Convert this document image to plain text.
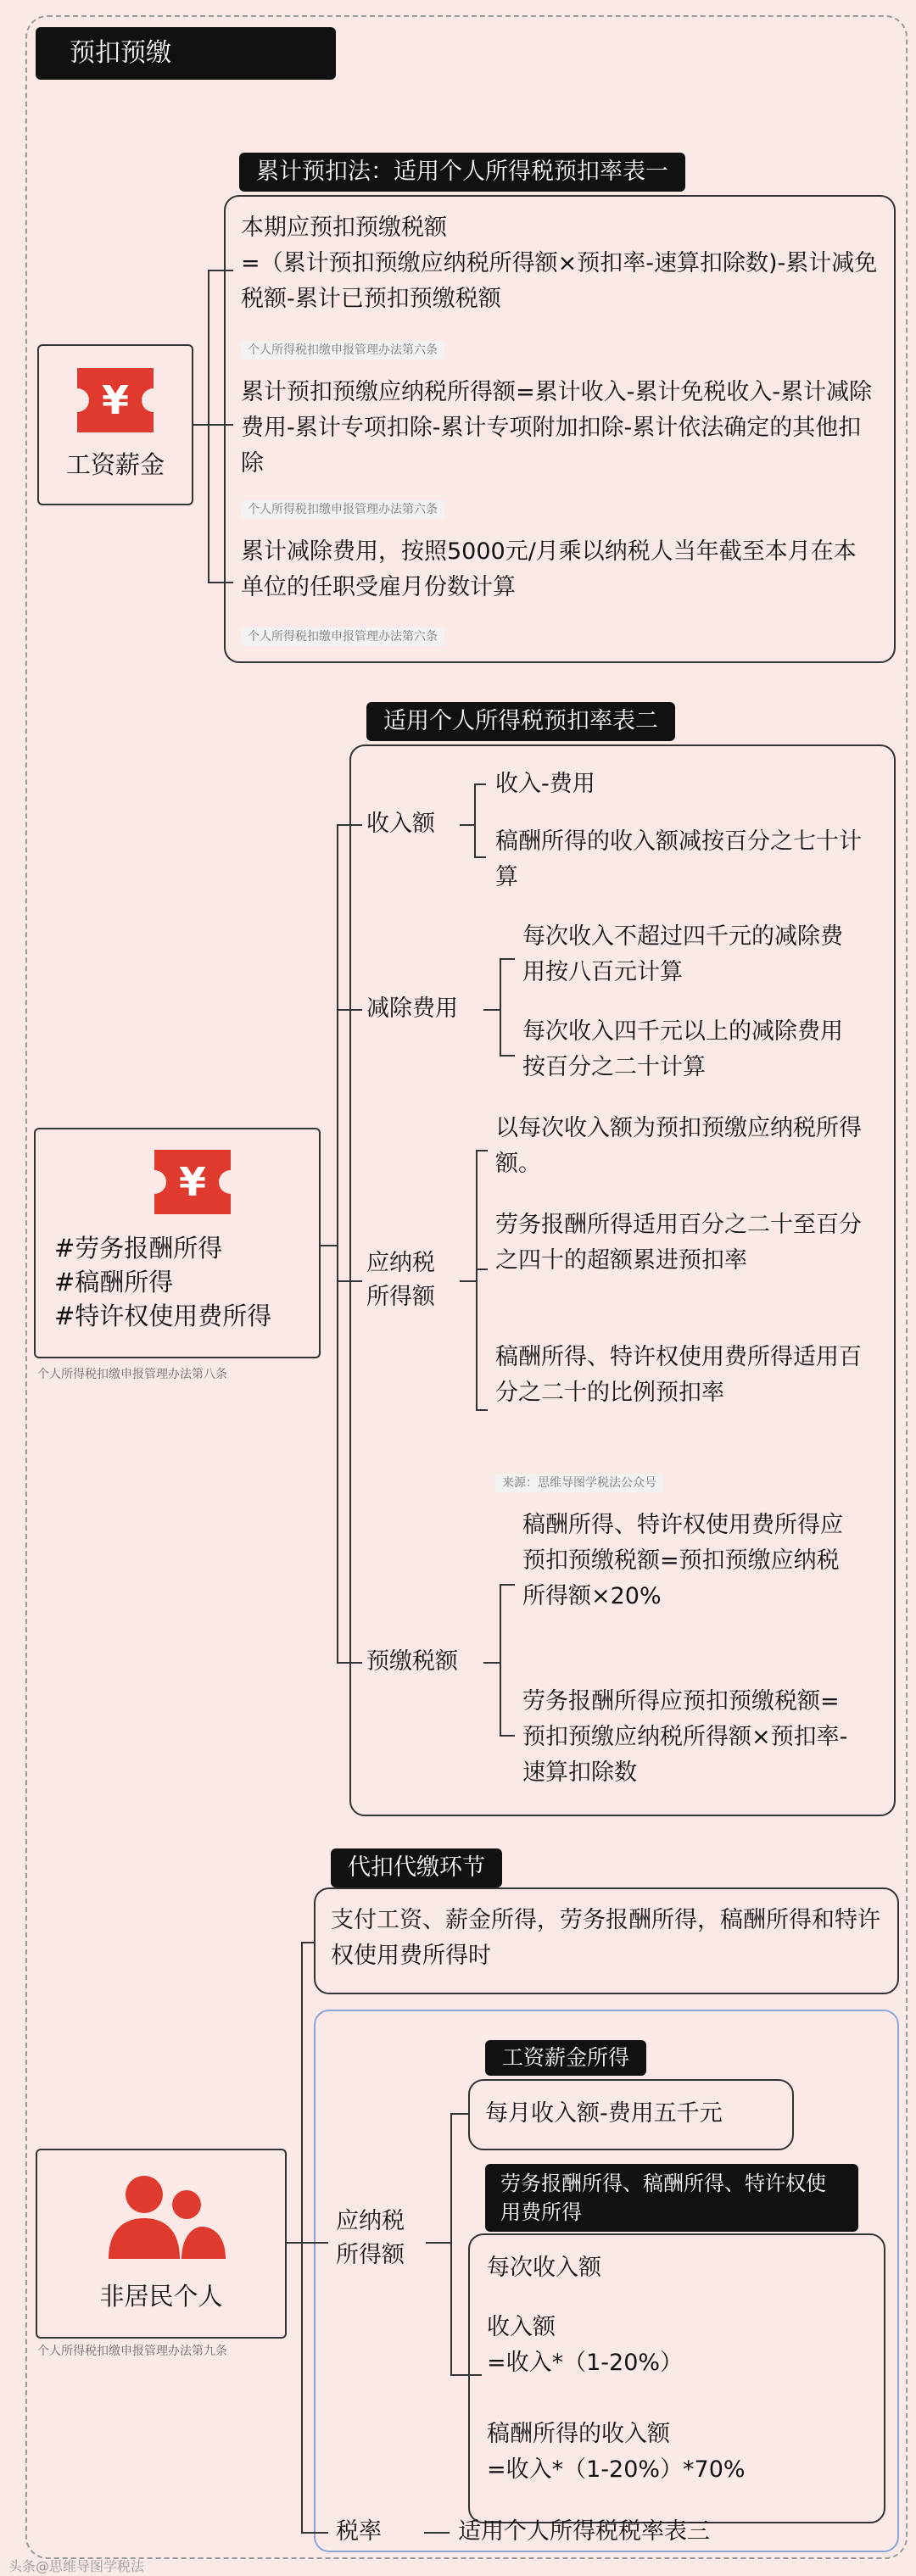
预扣预缴
累计预扣法：适用个人所得税预扣率表一
¥
工资薪金
本期应预扣预缴税额
=（累计预扣预缴应纳税所得额×预扣率-速算扣除数)-累计减免税额-累计已预扣预缴税额
个人所得税扣缴申报管理办法第六条
累计预扣预缴应纳税所得额=累计收入-累计免税收入-累计减除费用-累计专项扣除-累计专项附加扣除-累计依法确定的其他扣除
个人所得税扣缴申报管理办法第六条
累计减除费用，按照5000元/月乘以纳税人当年截至本月在本单位的任职受雇月份数计算
个人所得税扣缴申报管理办法第六条
适用个人所得税预扣率表二
¥
#劳务报酬所得
#稿酬所得
#特许权使用费所得
个人所得税扣缴申报管理办法第八条
收入额
收入-费用
稿酬所得的收入额减按百分之七十计算
减除费用
每次收入不超过四千元的减除费用按八百元计算
每次收入四千元以上的减除费用按百分之二十计算
应纳税
所得额
以每次收入额为预扣预缴应纳税所得额。
劳务报酬所得适用百分之二十至百分之四十的超额累进预扣率
稿酬所得、特许权使用费所得适用百分之二十的比例预扣率
来源：思维导图学税法公众号
预缴税额
稿酬所得、特许权使用费所得应预扣预缴税额=预扣预缴应纳税所得额×20%
劳务报酬所得应预扣预缴税额=预扣预缴应纳税所得额×预扣率-速算扣除数
代扣代缴环节
支付工资、薪金所得，劳务报酬所得，稿酬所得和特许权使用费所得时
非居民个人
个人所得税扣缴申报管理办法第九条
应纳税
所得额
工资薪金所得
每月收入额-费用五千元
劳务报酬所得、稿酬所得、特许权使用费所得
每次收入额
收入额
=收入*（1-20%）
稿酬所得的收入额
=收入*（1-20%）*70%
税率	适用个人所得税税率表三
头条@思维导图学税法
